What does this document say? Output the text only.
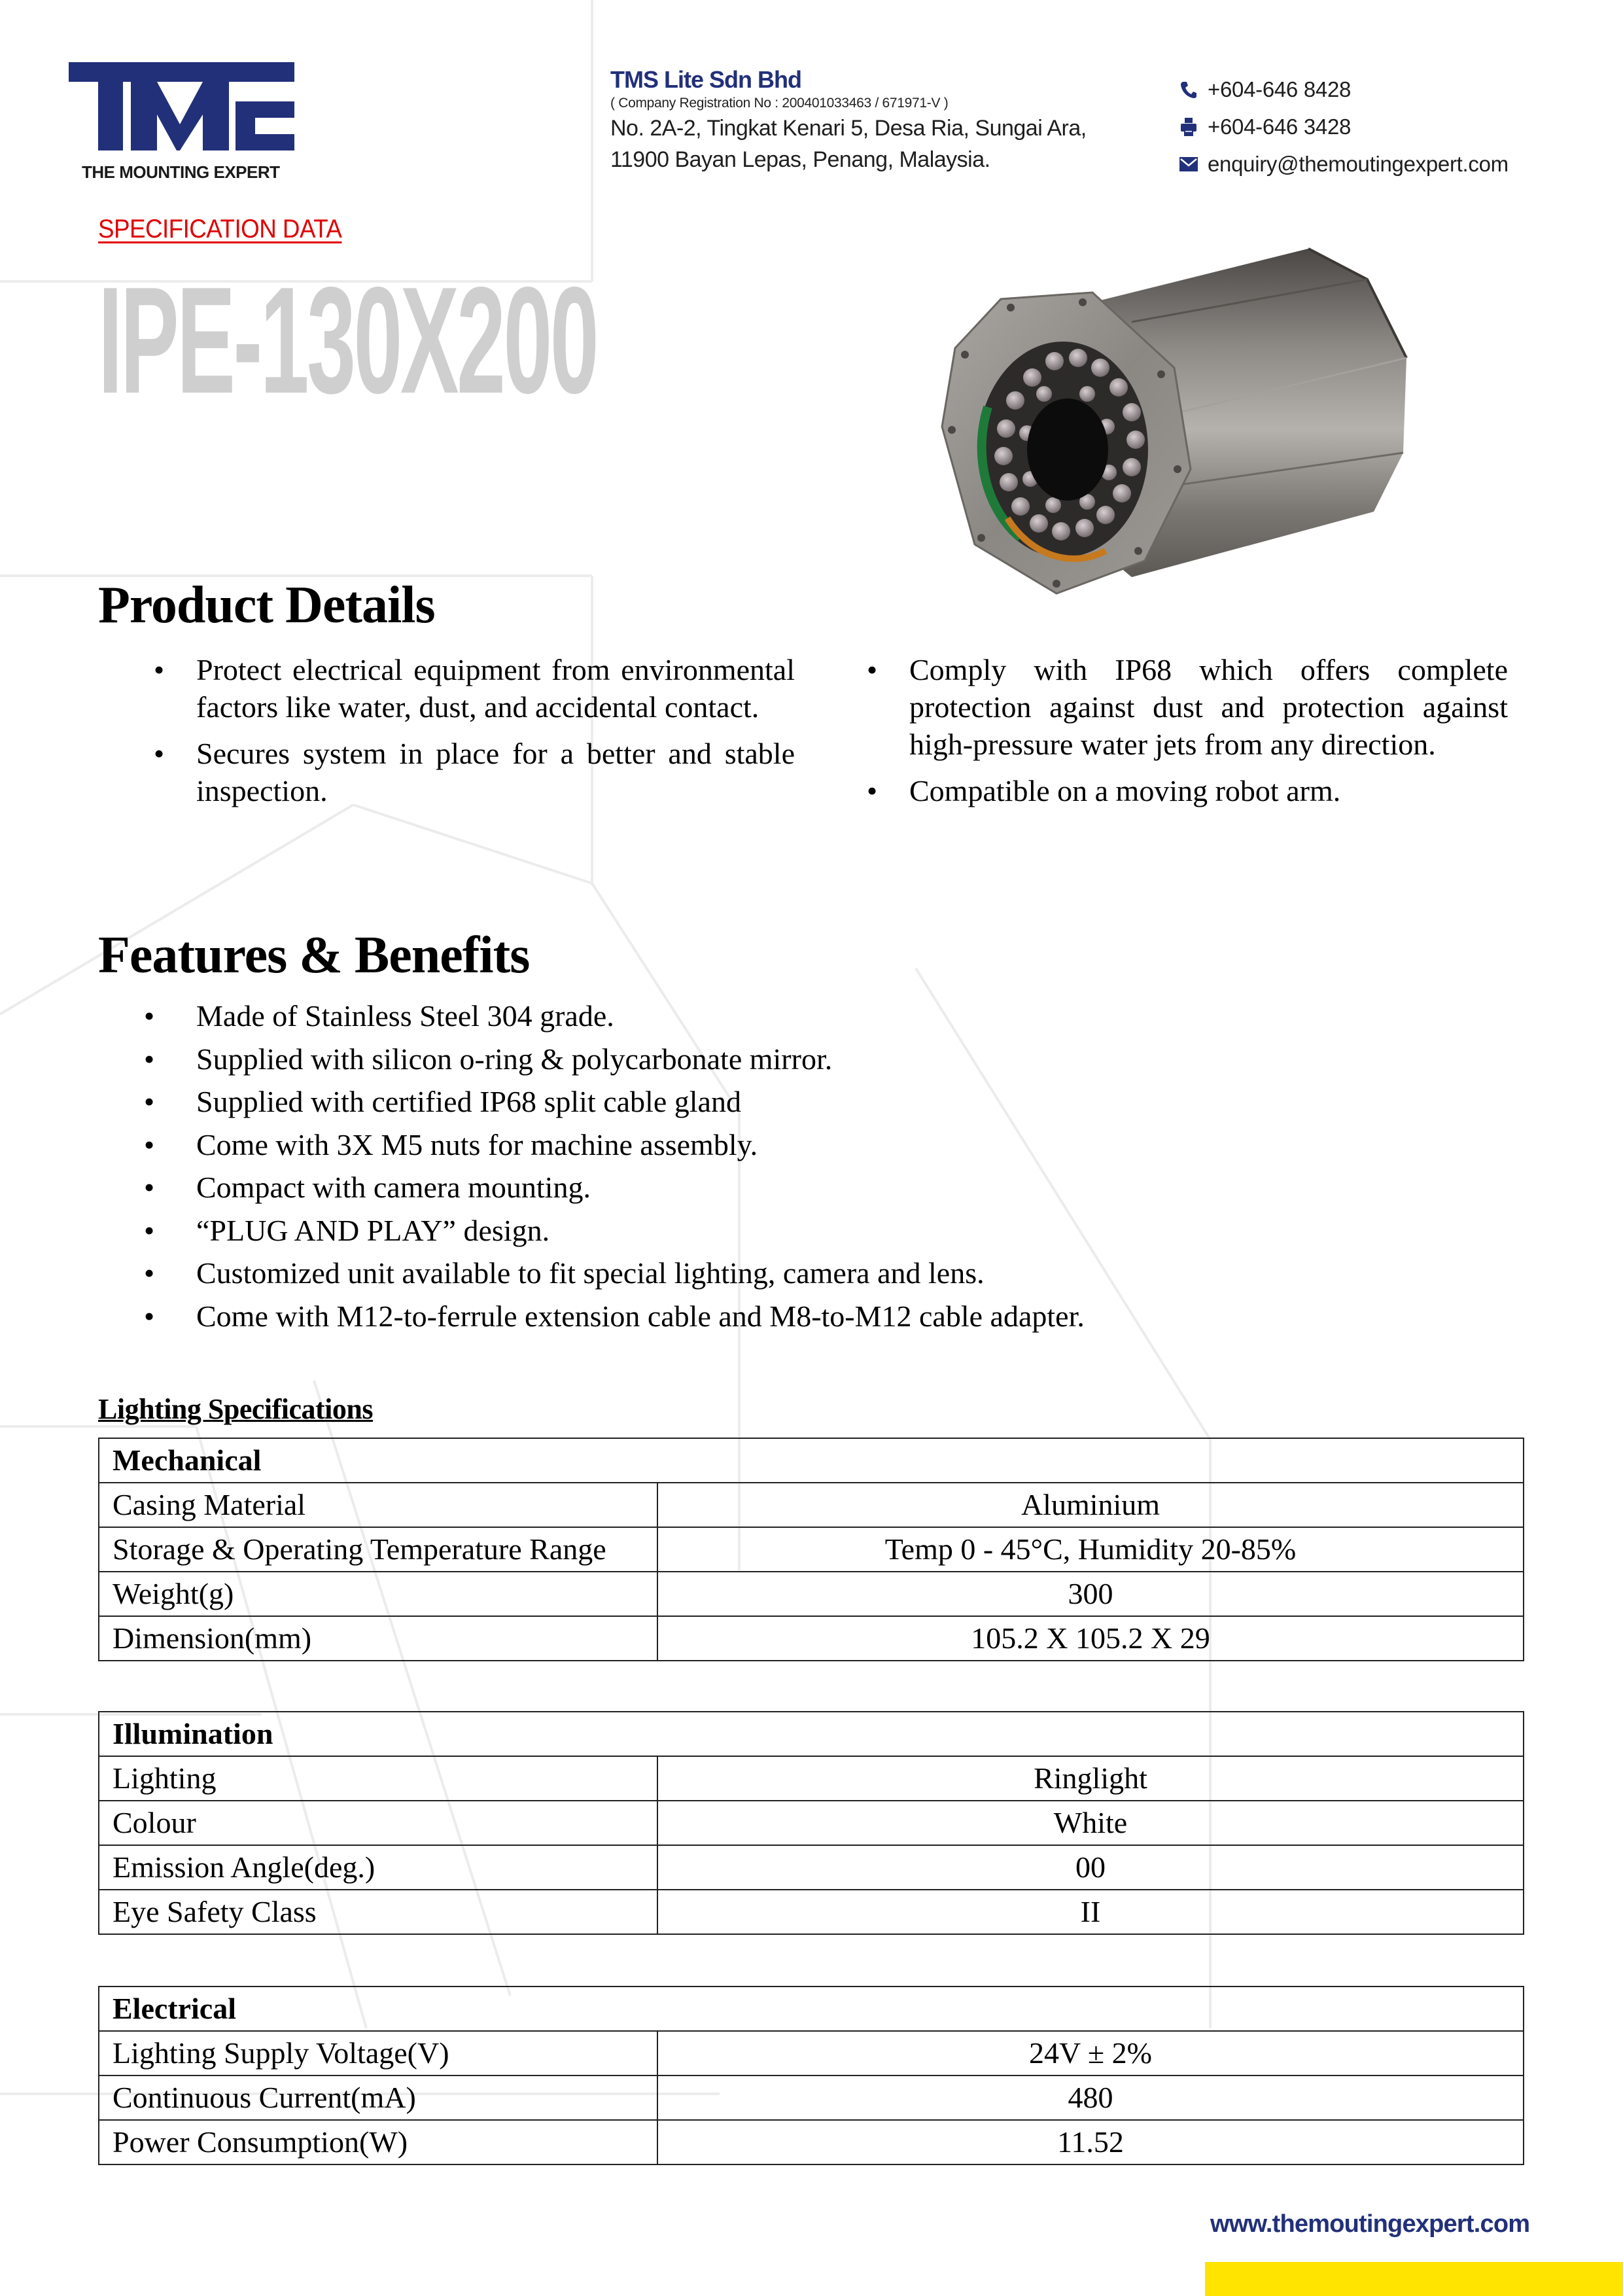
THE MOUNTING EXPERT
TMS Lite Sdn Bhd
( Company Registration No : 200401033463 / 671971-V )
No. 2A-2, Tingkat Kenari 5, Desa Ria, Sungai Ara,
11900 Bayan Lepas, Penang, Malaysia.
+604-646 8428
+604-646 3428
enquiry@themoutingexpert.com
SPECIFICATION DATA
IPE-130X200
Product Details
• Protect electrical equipment from environmental factors like water, dust, and accidental contact.
• Secures system in place for a better and stable inspection.
• Comply with IP68 which offers complete protection against dust and protection against high-pressure water jets from any direction.
• Compatible on a moving robot arm.
Features & Benefits
• Made of Stainless Steel 304 grade.
• Supplied with silicon o-ring & polycarbonate mirror.
• Supplied with certified IP68 split cable gland
• Come with 3X M5 nuts for machine assembly.
• Compact with camera mounting.
• “PLUG AND PLAY” design.
• Customized unit available to fit special lighting, camera and lens.
• Come with M12-to-ferrule extension cable and M8-to-M12 cable adapter.
Lighting Specifications
Mechanical	
Casing Material	Aluminium
Storage & Operating Temperature Range	Temp 0 - 45°C, Humidity 20-85%
Weight(g)	300
Dimension(mm)	105.2 X 105.2 X 29
Illumination	
Lighting	Ringlight
Colour	White
Emission Angle(deg.)	00
Eye Safety Class	II
Electrical	
Lighting Supply Voltage(V)	24V ± 2%
Continuous Current(mA)	480
Power Consumption(W)	11.52
www.themoutingexpert.com
